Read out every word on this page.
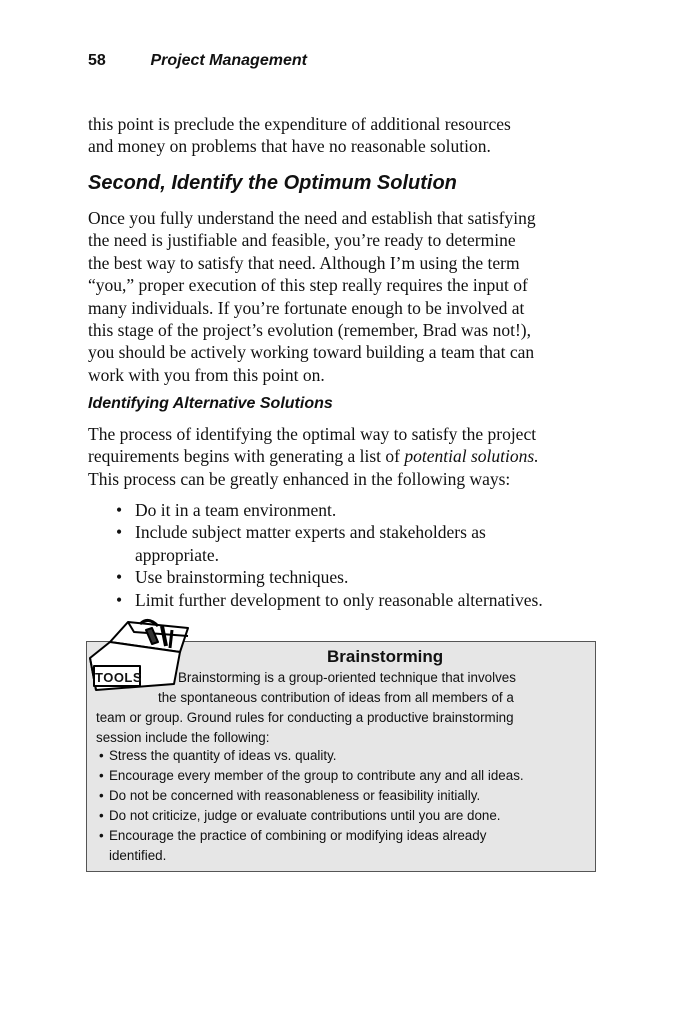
58	Project Management

this point is preclude the expenditure of additional resources
and money on problems that have no reasonable solution.

Second, Identify the Optimum Solution

Once you fully understand the need and establish that satisfying
the need is justifiable and feasible, you’re ready to determine
the best way to satisfy that need. Although I’m using the term
“you,” proper execution of this step really requires the input of
many individuals. If you’re fortunate enough to be involved at
this stage of the project’s evolution (remember, Brad was not!),
you should be actively working toward building a team that can
work with you from this point on.

Identifying Alternative Solutions

The process of identifying the optimal way to satisfy the project
requirements begins with generating a list of potential solutions.
This process can be greatly enhanced in the following ways:

• Do it in a team environment.
• Include subject matter experts and stakeholders as
appropriate.
• Use brainstorming techniques.
• Limit further development to only reasonable alternatives.
TOOLS
Brainstorming

Brainstorming is a group-oriented technique that involves
the spontaneous contribution of ideas from all members of a
team or group. Ground rules for conducting a productive brainstorming
session include the following:

• Stress the quantity of ideas vs. quality.
• Encourage every member of the group to contribute any and all ideas.
• Do not be concerned with reasonableness or feasibility initially.
• Do not criticize, judge or evaluate contributions until you are done.
• Encourage the practice of combining or modifying ideas already
identified.
